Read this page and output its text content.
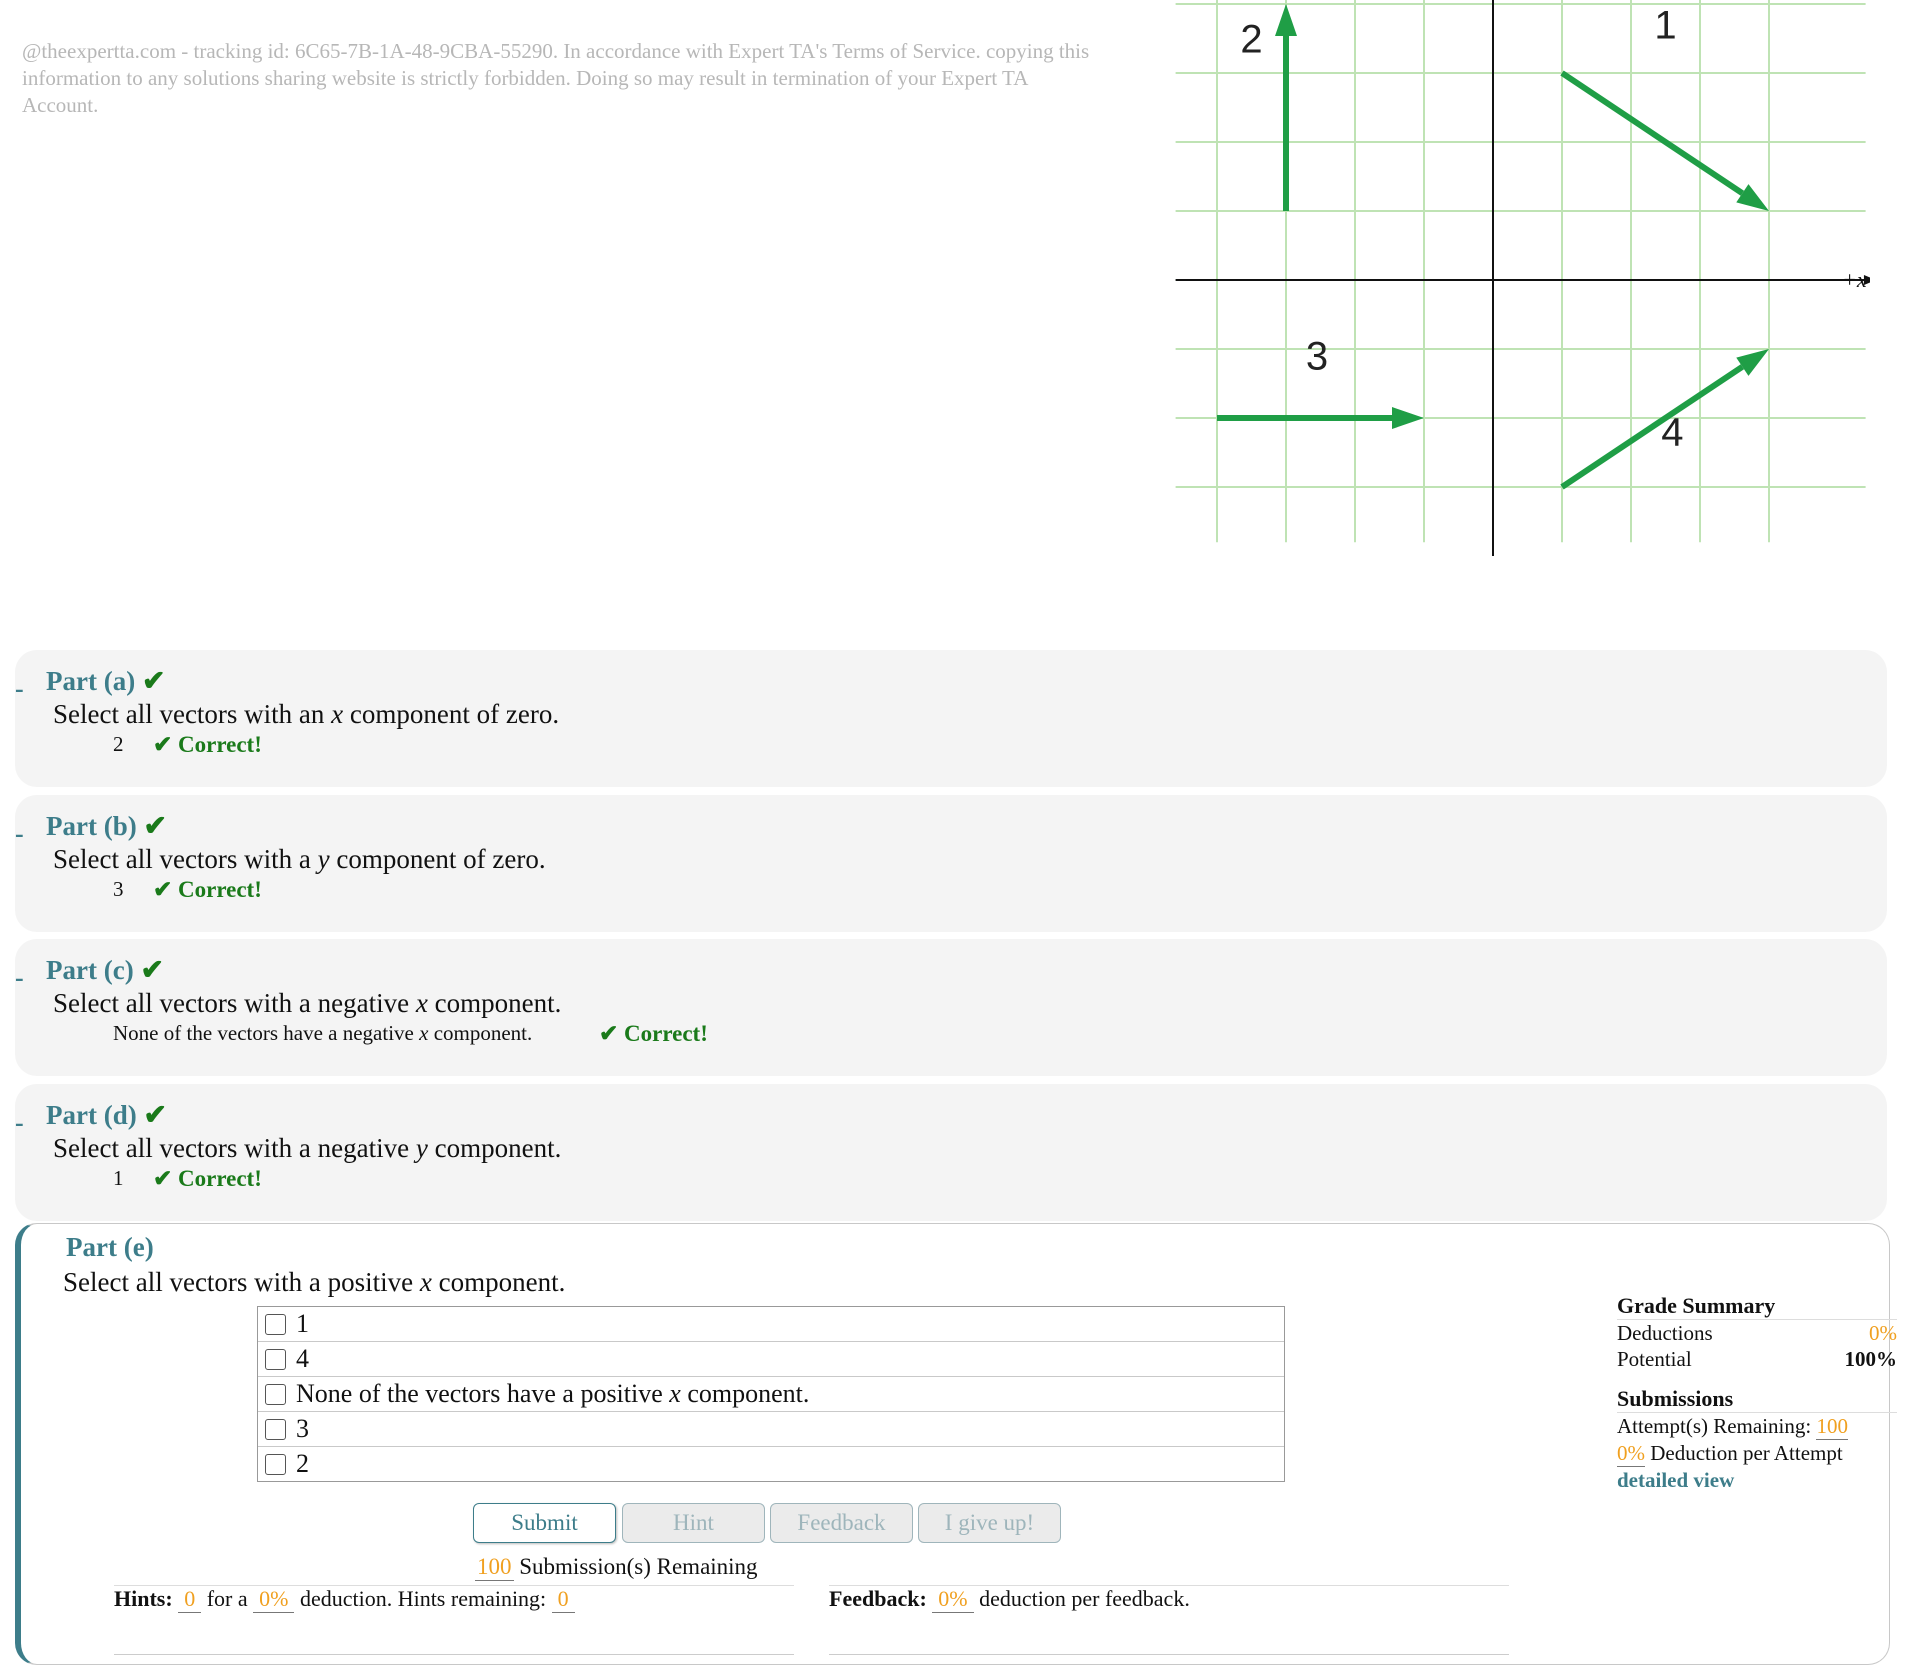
@theexpertta.com - tracking id: 6C65-7B-1A-48-9CBA-55290. In accordance with Expert TA's Terms of Service. copying this information to any solutions sharing website is strictly forbidden. Doing so may result in termination of your Expert TA Account.
1
2
3
4
+x
- Part (a) ✔
Select all vectors with an x component of zero.
2 ✔ Correct!
- Part (b) ✔
Select all vectors with a y component of zero.
3 ✔ Correct!
- Part (c) ✔
Select all vectors with a negative x component.
None of the vectors have a negative x component.	✔ Correct!
- Part (d) ✔
Select all vectors with a negative y component.
1 ✔ Correct!
Part (e)
Select all vectors with a positive x component.
1
4
None of the vectors have a positive
x
component.
3
2
Submit	Hint	Feedback	I give up!
100 Submission(s) Remaining
Hints: 0 for a 0% deduction. Hints remaining: 0	Feedback: 0% deduction per feedback.
Grade Summary
Deductions	0%
Potential	100%
Submissions
Attempt(s) Remaining: 100
0% Deduction per Attempt
detailed view
